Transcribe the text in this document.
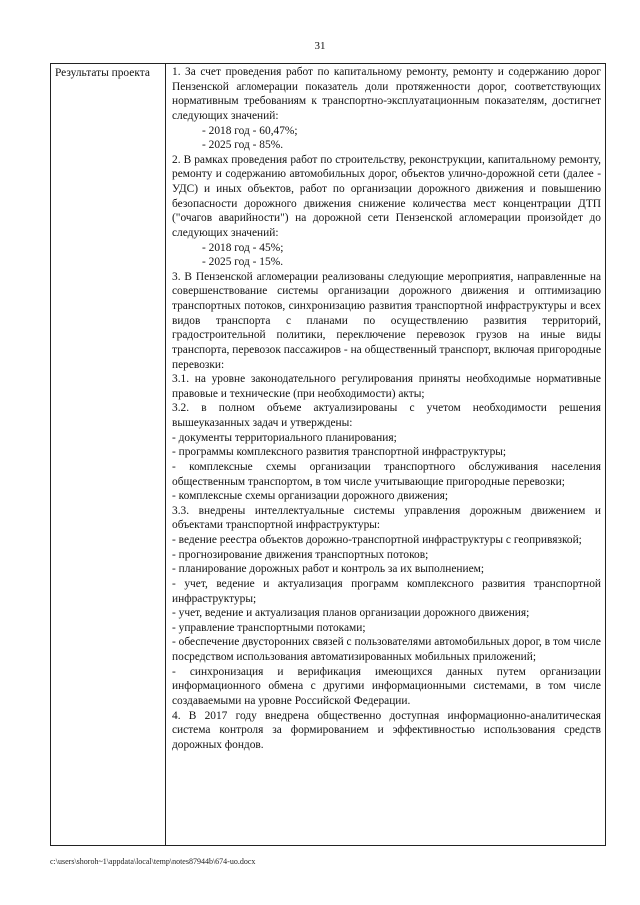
31
Результаты проекта	1. За счет проведения работ по капитальному ремонту, ремонту и содержанию дорог Пензенской агломерации показатель доли протяженности дорог, соответствующих нормативным требованиям к транспортно-эксплуатационным показателям, достигнет следующих значений:
- 2018 год - 60,47%;
- 2025 год - 85%.
2. В рамках проведения работ по строительству, реконструкции, капитальному ремонту, ремонту и содержанию автомобильных дорог, объектов улично-дорожной сети (далее - УДС) и иных объектов, работ по организации дорожного движения и повышению безопасности дорожного движения снижение количества мест концентрации ДТП ("очагов аварийности") на дорожной сети Пензенской агломерации произойдет до следующих значений:
- 2018 год - 45%;
- 2025 год - 15%.
3. В Пензенской агломерации реализованы следующие мероприятия, направленные на совершенствование системы организации дорожного движения и оптимизацию транспортных потоков, синхронизацию развития транспортной инфраструктуры и всех видов транспорта с планами по осуществлению развития территорий, градостроительной политики, переключение перевозок грузов на иные виды транспорта, перевозок пассажиров - на общественный транспорт, включая пригородные перевозки:
3.1. на уровне законодательного регулирования приняты необходимые нормативные правовые и технические (при необходимости) акты;
3.2. в полном объеме актуализированы с учетом необходимости решения вышеуказанных задач и утверждены:
- документы территориального планирования;
- программы комплексного развития транспортной инфраструктуры;
- комплексные схемы организации транспортного обслуживания населения общественным транспортом, в том числе учитывающие пригородные перевозки;
- комплексные схемы организации дорожного движения;
3.3. внедрены интеллектуальные системы управления дорожным движением и объектами транспортной инфраструктуры:
- ведение реестра объектов дорожно-транспортной инфраструктуры с геопривязкой;
- прогнозирование движения транспортных потоков;
- планирование дорожных работ и контроль за их выполнением;
- учет, ведение и актуализация программ комплексного развития транспортной инфраструктуры;
- учет, ведение и актуализация планов организации дорожного движения;
- управление транспортными потоками;
- обеспечение двусторонних связей с пользователями автомобильных дорог, в том числе посредством использования автоматизированных мобильных приложений;
- синхронизация и верификация имеющихся данных путем организации информационного обмена с другими информационными системами, в том числе создаваемыми на уровне Российской Федерации.
4. В 2017 году внедрена общественно доступная информационно-аналитическая система контроля за формированием и эффективностью использования средств дорожных фондов.
c:\users\shoroh~1\appdata\local\temp\notes87944b\674-uo.docx
